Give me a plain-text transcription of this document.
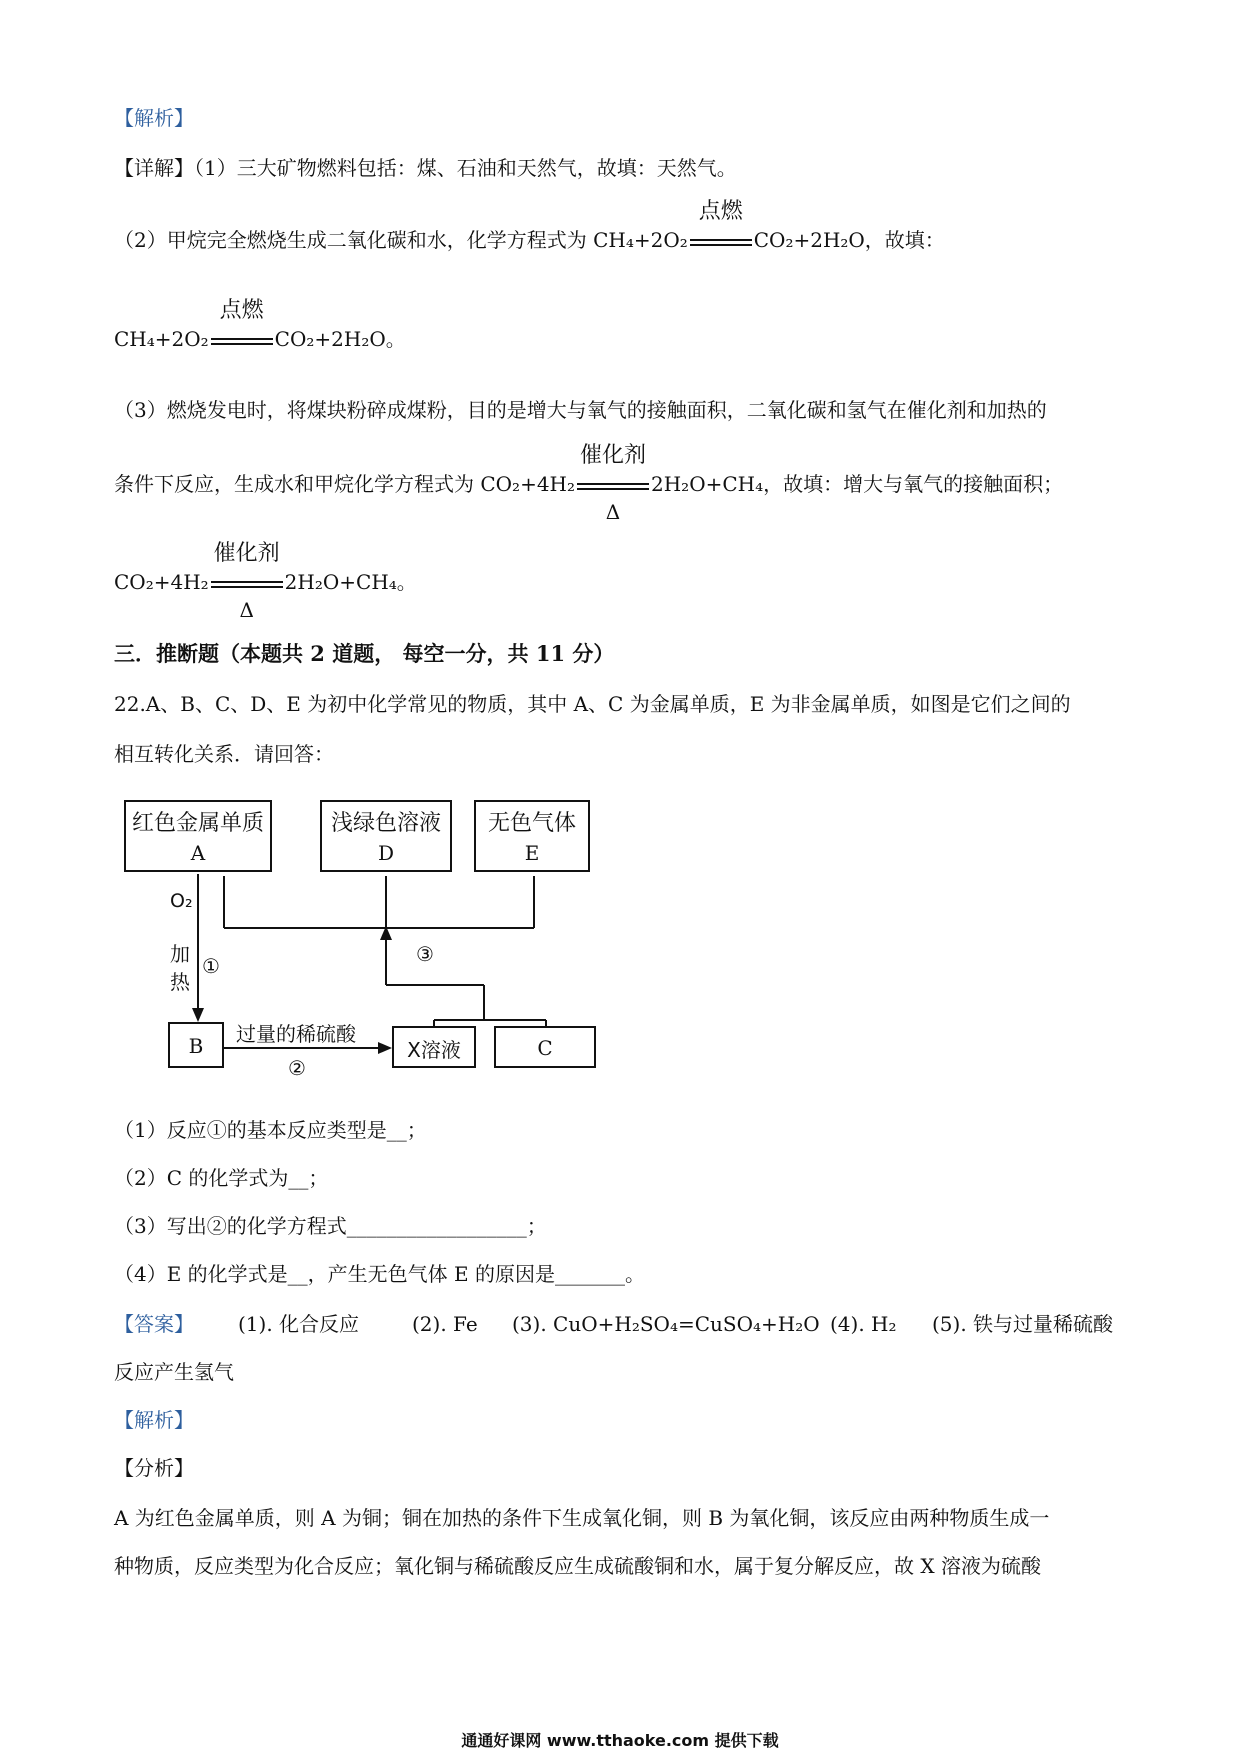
【解析】
【详解】（1）三大矿物燃料包括：煤、石油和天然气，故填：天然气。
（2）甲烷完全燃烧生成二氧化碳和水，化学方程式为 CH₄+2O₂
点燃
CO₂+2H₂O，故填：
CH₄+2O₂
点燃
CO₂+2H₂O。
（3）燃烧发电时，将煤块粉碎成煤粉，目的是增大与氧气的接触面积，二氧化碳和氢气在催化剂和加热的
条件下反应，生成水和甲烷化学方程式为 CO₂+4H₂
催化剂
Δ
2H₂O+CH₄，故填：增大与氧气的接触面积；
CO₂+4H₂
催化剂
Δ
2H₂O+CH₄。
三．推断题（本题共 2 道题， 每空一分，共 11 分）
22.A、B、C、D、E 为初中化学常见的物质，其中 A、C 为金属单质，E 为非金属单质，如图是它们之间的
相互转化关系．请回答：
红色金属单质
A
浅绿色溶液
D
无色气体
E
B	X溶液	C
O₂
加
热
①	③
过量的稀硫酸
②
（1）反应①的基本反应类型是__；
（2）C 的化学式为__；
（3）写出②的化学方程式__________________；
（4）E 的化学式是__，产生无色气体 E 的原因是_______。
【答案】 (1). 化合反应	(2). Fe (3). CuO+H₂SO₄=CuSO₄+H₂O (4). H₂ (5). 铁与过量稀硫酸
反应产生氢气
【解析】
【分析】
A 为红色金属单质，则 A 为铜；铜在加热的条件下生成氧化铜，则 B 为氧化铜，该反应由两种物质生成一
种物质，反应类型为化合反应；氧化铜与稀硫酸反应生成硫酸铜和水，属于复分解反应，故 X 溶液为硫酸
通通好课网 www.tthaoke.com 提供下载
